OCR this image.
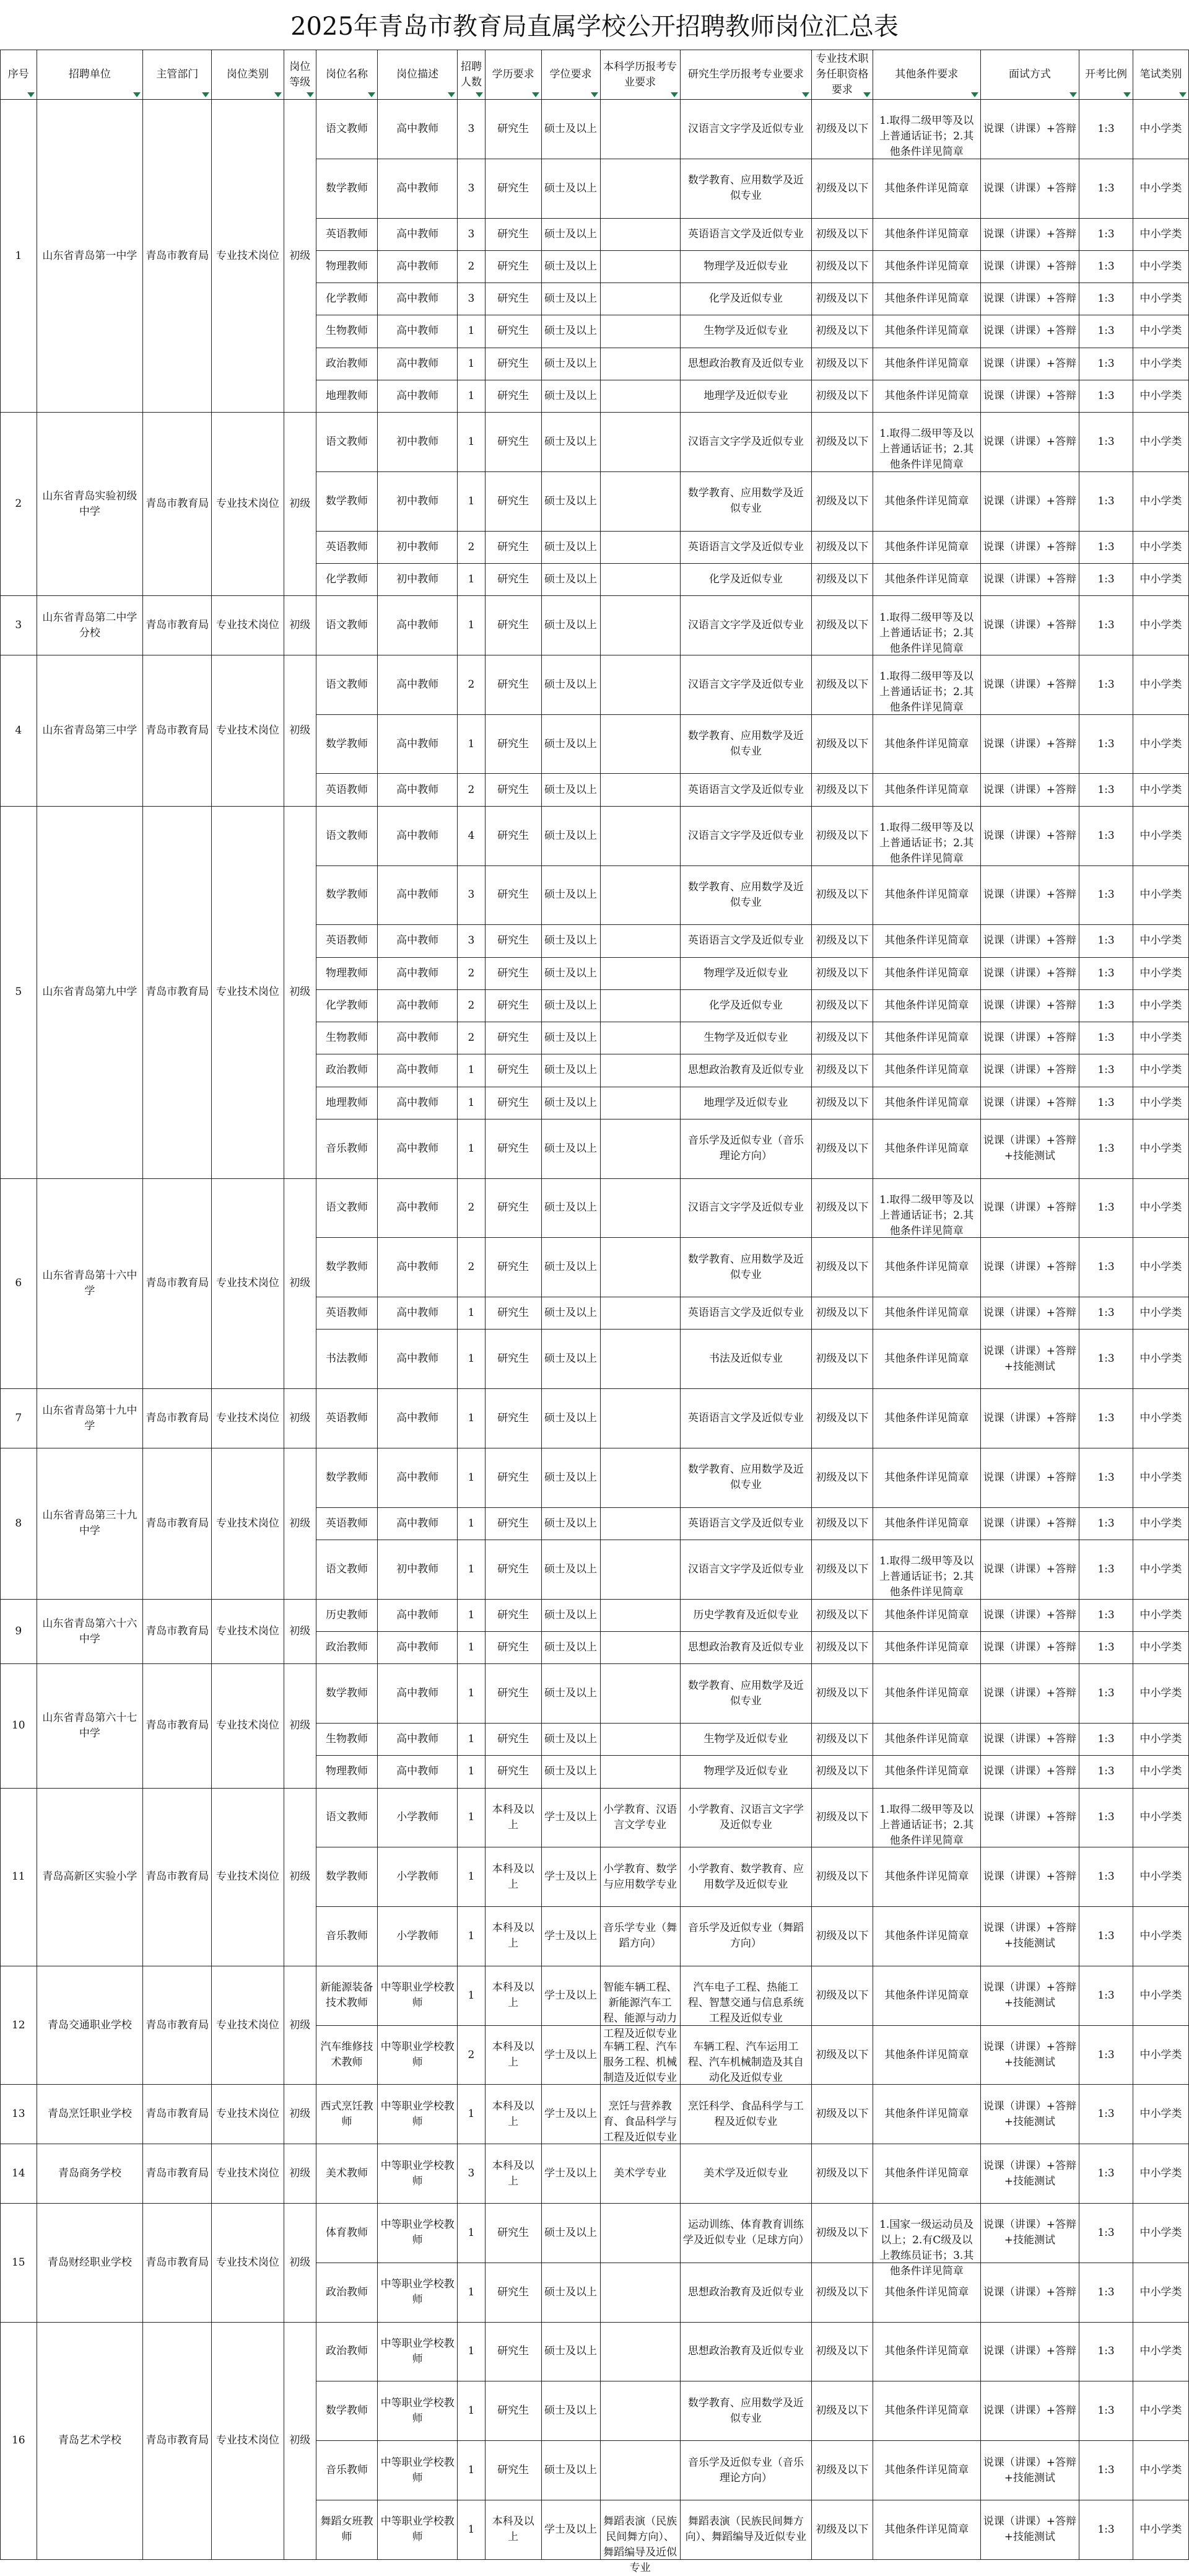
2025年青岛市教育局直属学校公开招聘教师岗位汇总表
序号	招聘单位	主管部门	岗位类别	岗位等级	岗位名称	岗位描述	招聘人数	学历要求	学位要求	本科学历报考专业要求	研究生学历报考专业要求	专业技术职务任职资格要求	其他条件要求	面试方式	开考比例	笔试类别

1	山东省青岛第一中学	青岛市教育局	专业技术岗位	初级	语文教师	高中教师	3	研究生	硕士及以上		汉语言文字学及近似专业	初级及以下	1.取得二级甲等及以上普通话证书；2.其他条件详见简章	说课（讲课）+答辩	1:3	中小学类

					数学教师	高中教师	3	研究生	硕士及以上		数学教育、应用数学及近似专业	初级及以下	其他条件详见简章	说课（讲课）+答辩	1:3	中小学类

					英语教师	高中教师	3	研究生	硕士及以上		英语语言文学及近似专业	初级及以下	其他条件详见简章	说课（讲课）+答辩	1:3	中小学类

					物理教师	高中教师	2	研究生	硕士及以上		物理学及近似专业	初级及以下	其他条件详见简章	说课（讲课）+答辩	1:3	中小学类

					化学教师	高中教师	3	研究生	硕士及以上		化学及近似专业	初级及以下	其他条件详见简章	说课（讲课）+答辩	1:3	中小学类

					生物教师	高中教师	1	研究生	硕士及以上		生物学及近似专业	初级及以下	其他条件详见简章	说课（讲课）+答辩	1:3	中小学类

					政治教师	高中教师	1	研究生	硕士及以上		思想政治教育及近似专业	初级及以下	其他条件详见简章	说课（讲课）+答辩	1:3	中小学类

					地理教师	高中教师	1	研究生	硕士及以上		地理学及近似专业	初级及以下	其他条件详见简章	说课（讲课）+答辩	1:3	中小学类

2	山东省青岛实验初级中学	青岛市教育局	专业技术岗位	初级	语文教师	初中教师	1	研究生	硕士及以上		汉语言文字学及近似专业	初级及以下	1.取得二级甲等及以上普通话证书；2.其他条件详见简章	说课（讲课）+答辩	1:3	中小学类

					数学教师	初中教师	1	研究生	硕士及以上		数学教育、应用数学及近似专业	初级及以下	其他条件详见简章	说课（讲课）+答辩	1:3	中小学类

					英语教师	初中教师	2	研究生	硕士及以上		英语语言文学及近似专业	初级及以下	其他条件详见简章	说课（讲课）+答辩	1:3	中小学类

					化学教师	初中教师	1	研究生	硕士及以上		化学及近似专业	初级及以下	其他条件详见简章	说课（讲课）+答辩	1:3	中小学类

3	山东省青岛第二中学分校	青岛市教育局	专业技术岗位	初级	语文教师	高中教师	1	研究生	硕士及以上		汉语言文字学及近似专业	初级及以下	1.取得二级甲等及以上普通话证书；2.其他条件详见简章	说课（讲课）+答辩	1:3	中小学类

4	山东省青岛第三中学	青岛市教育局	专业技术岗位	初级	语文教师	高中教师	2	研究生	硕士及以上		汉语言文字学及近似专业	初级及以下	1.取得二级甲等及以上普通话证书；2.其他条件详见简章	说课（讲课）+答辩	1:3	中小学类

					数学教师	高中教师	1	研究生	硕士及以上		数学教育、应用数学及近似专业	初级及以下	其他条件详见简章	说课（讲课）+答辩	1:3	中小学类

					英语教师	高中教师	2	研究生	硕士及以上		英语语言文学及近似专业	初级及以下	其他条件详见简章	说课（讲课）+答辩	1:3	中小学类

5	山东省青岛第九中学	青岛市教育局	专业技术岗位	初级	语文教师	高中教师	4	研究生	硕士及以上		汉语言文字学及近似专业	初级及以下	1.取得二级甲等及以上普通话证书；2.其他条件详见简章	说课（讲课）+答辩	1:3	中小学类

					数学教师	高中教师	3	研究生	硕士及以上		数学教育、应用数学及近似专业	初级及以下	其他条件详见简章	说课（讲课）+答辩	1:3	中小学类

					英语教师	高中教师	3	研究生	硕士及以上		英语语言文学及近似专业	初级及以下	其他条件详见简章	说课（讲课）+答辩	1:3	中小学类

					物理教师	高中教师	2	研究生	硕士及以上		物理学及近似专业	初级及以下	其他条件详见简章	说课（讲课）+答辩	1:3	中小学类

					化学教师	高中教师	2	研究生	硕士及以上		化学及近似专业	初级及以下	其他条件详见简章	说课（讲课）+答辩	1:3	中小学类

					生物教师	高中教师	2	研究生	硕士及以上		生物学及近似专业	初级及以下	其他条件详见简章	说课（讲课）+答辩	1:3	中小学类

					政治教师	高中教师	1	研究生	硕士及以上		思想政治教育及近似专业	初级及以下	其他条件详见简章	说课（讲课）+答辩	1:3	中小学类

					地理教师	高中教师	1	研究生	硕士及以上		地理学及近似专业	初级及以下	其他条件详见简章	说课（讲课）+答辩	1:3	中小学类

					音乐教师	高中教师	1	研究生	硕士及以上		音乐学及近似专业（音乐理论方向）	初级及以下	其他条件详见简章	说课（讲课）+答辩+技能测试	1:3	中小学类

6	山东省青岛第十六中学	青岛市教育局	专业技术岗位	初级	语文教师	高中教师	2	研究生	硕士及以上		汉语言文字学及近似专业	初级及以下	1.取得二级甲等及以上普通话证书；2.其他条件详见简章	说课（讲课）+答辩	1:3	中小学类

					数学教师	高中教师	2	研究生	硕士及以上		数学教育、应用数学及近似专业	初级及以下	其他条件详见简章	说课（讲课）+答辩	1:3	中小学类

					英语教师	高中教师	1	研究生	硕士及以上		英语语言文学及近似专业	初级及以下	其他条件详见简章	说课（讲课）+答辩	1:3	中小学类

					书法教师	高中教师	1	研究生	硕士及以上		书法及近似专业	初级及以下	其他条件详见简章	说课（讲课）+答辩+技能测试	1:3	中小学类

7	山东省青岛第十九中学	青岛市教育局	专业技术岗位	初级	英语教师	高中教师	1	研究生	硕士及以上		英语语言文学及近似专业	初级及以下	其他条件详见简章	说课（讲课）+答辩	1:3	中小学类

8	山东省青岛第三十九中学	青岛市教育局	专业技术岗位	初级	数学教师	高中教师	1	研究生	硕士及以上		数学教育、应用数学及近似专业	初级及以下	其他条件详见简章	说课（讲课）+答辩	1:3	中小学类

					英语教师	高中教师	1	研究生	硕士及以上		英语语言文学及近似专业	初级及以下	其他条件详见简章	说课（讲课）+答辩	1:3	中小学类

					语文教师	初中教师	1	研究生	硕士及以上		汉语言文字学及近似专业	初级及以下	1.取得二级甲等及以上普通话证书；2.其他条件详见简章	说课（讲课）+答辩	1:3	中小学类

9	山东省青岛第六十六中学	青岛市教育局	专业技术岗位	初级	历史教师	高中教师	1	研究生	硕士及以上		历史学教育及近似专业	初级及以下	其他条件详见简章	说课（讲课）+答辩	1:3	中小学类

					政治教师	高中教师	1	研究生	硕士及以上		思想政治教育及近似专业	初级及以下	其他条件详见简章	说课（讲课）+答辩	1:3	中小学类

10	山东省青岛第六十七中学	青岛市教育局	专业技术岗位	初级	数学教师	高中教师	1	研究生	硕士及以上		数学教育、应用数学及近似专业	初级及以下	其他条件详见简章	说课（讲课）+答辩	1:3	中小学类

					生物教师	高中教师	1	研究生	硕士及以上		生物学及近似专业	初级及以下	其他条件详见简章	说课（讲课）+答辩	1:3	中小学类

					物理教师	高中教师	1	研究生	硕士及以上		物理学及近似专业	初级及以下	其他条件详见简章	说课（讲课）+答辩	1:3	中小学类

11	青岛高新区实验小学	青岛市教育局	专业技术岗位	初级	语文教师	小学教师	1	本科及以上	学士及以上	小学教育、汉语言文学专业	小学教育、汉语言文字学及近似专业	初级及以下	1.取得二级甲等及以上普通话证书；2.其他条件详见简章	说课（讲课）+答辩	1:3	中小学类

					数学教师	小学教师	1	本科及以上	学士及以上	小学教育、数学与应用数学专业	小学教育、数学教育、应用数学及近似专业	初级及以下	其他条件详见简章	说课（讲课）+答辩	1:3	中小学类

					音乐教师	小学教师	1	本科及以上	学士及以上	音乐学专业（舞蹈方向）	音乐学及近似专业（舞蹈方向）	初级及以下	其他条件详见简章	说课（讲课）+答辩+技能测试	1:3	中小学类

12	青岛交通职业学校	青岛市教育局	专业技术岗位	初级	新能源装备技术教师	中等职业学校教师	1	本科及以上	学士及以上	智能车辆工程、新能源汽车工程、能源与动力工程及近似专业	汽车电子工程、热能工程、智慧交通与信息系统工程及近似专业	初级及以下	其他条件详见简章	说课（讲课）+答辩+技能测试	1:3	中小学类

					汽车维修技术教师	中等职业学校教师	2	本科及以上	学士及以上	车辆工程、汽车服务工程、机械制造及近似专业	车辆工程、汽车运用工程、汽车机械制造及其自动化及近似专业	初级及以下	其他条件详见简章	说课（讲课）+答辩+技能测试	1:3	中小学类

13	青岛烹饪职业学校	青岛市教育局	专业技术岗位	初级	西式烹饪教师	中等职业学校教师	1	本科及以上	学士及以上	烹饪与营养教育、食品科学与工程及近似专业	烹饪科学、食品科学与工程及近似专业	初级及以下	其他条件详见简章	说课（讲课）+答辩+技能测试	1:3	中小学类

14	青岛商务学校	青岛市教育局	专业技术岗位	初级	美术教师	中等职业学校教师	3	本科及以上	学士及以上	美术学专业	美术学及近似专业	初级及以下	其他条件详见简章	说课（讲课）+答辩+技能测试	1:3	中小学类

15	青岛财经职业学校	青岛市教育局	专业技术岗位	初级	体育教师	中等职业学校教师	1	研究生	硕士及以上		运动训练、体育教育训练学及近似专业（足球方向）	初级及以下	1.国家一级运动员及以上；2.有C级及以上教练员证书；3.其他条件详见简章	说课（讲课）+答辩+技能测试	1:3	中小学类

					政治教师	中等职业学校教师	1	研究生	硕士及以上		思想政治教育及近似专业	初级及以下	其他条件详见简章	说课（讲课）+答辩	1:3	中小学类

16	青岛艺术学校	青岛市教育局	专业技术岗位	初级	政治教师	中等职业学校教师	1	研究生	硕士及以上		思想政治教育及近似专业	初级及以下	其他条件详见简章	说课（讲课）+答辩	1:3	中小学类

					数学教师	中等职业学校教师	1	研究生	硕士及以上		数学教育、应用数学及近似专业	初级及以下	其他条件详见简章	说课（讲课）+答辩	1:3	中小学类

					音乐教师	中等职业学校教师	1	研究生	硕士及以上		音乐学及近似专业（音乐理论方向）	初级及以下	其他条件详见简章	说课（讲课）+答辩+技能测试	1:3	中小学类

					舞蹈女班教师	中等职业学校教师	1	本科及以上	学士及以上	舞蹈表演（民族民间舞方向）、舞蹈编导及近似专业	舞蹈表演（民族民间舞方向）、舞蹈编导及近似专业	初级及以下	其他条件详见简章	说课（讲课）+答辩+技能测试	1:3	中小学类
